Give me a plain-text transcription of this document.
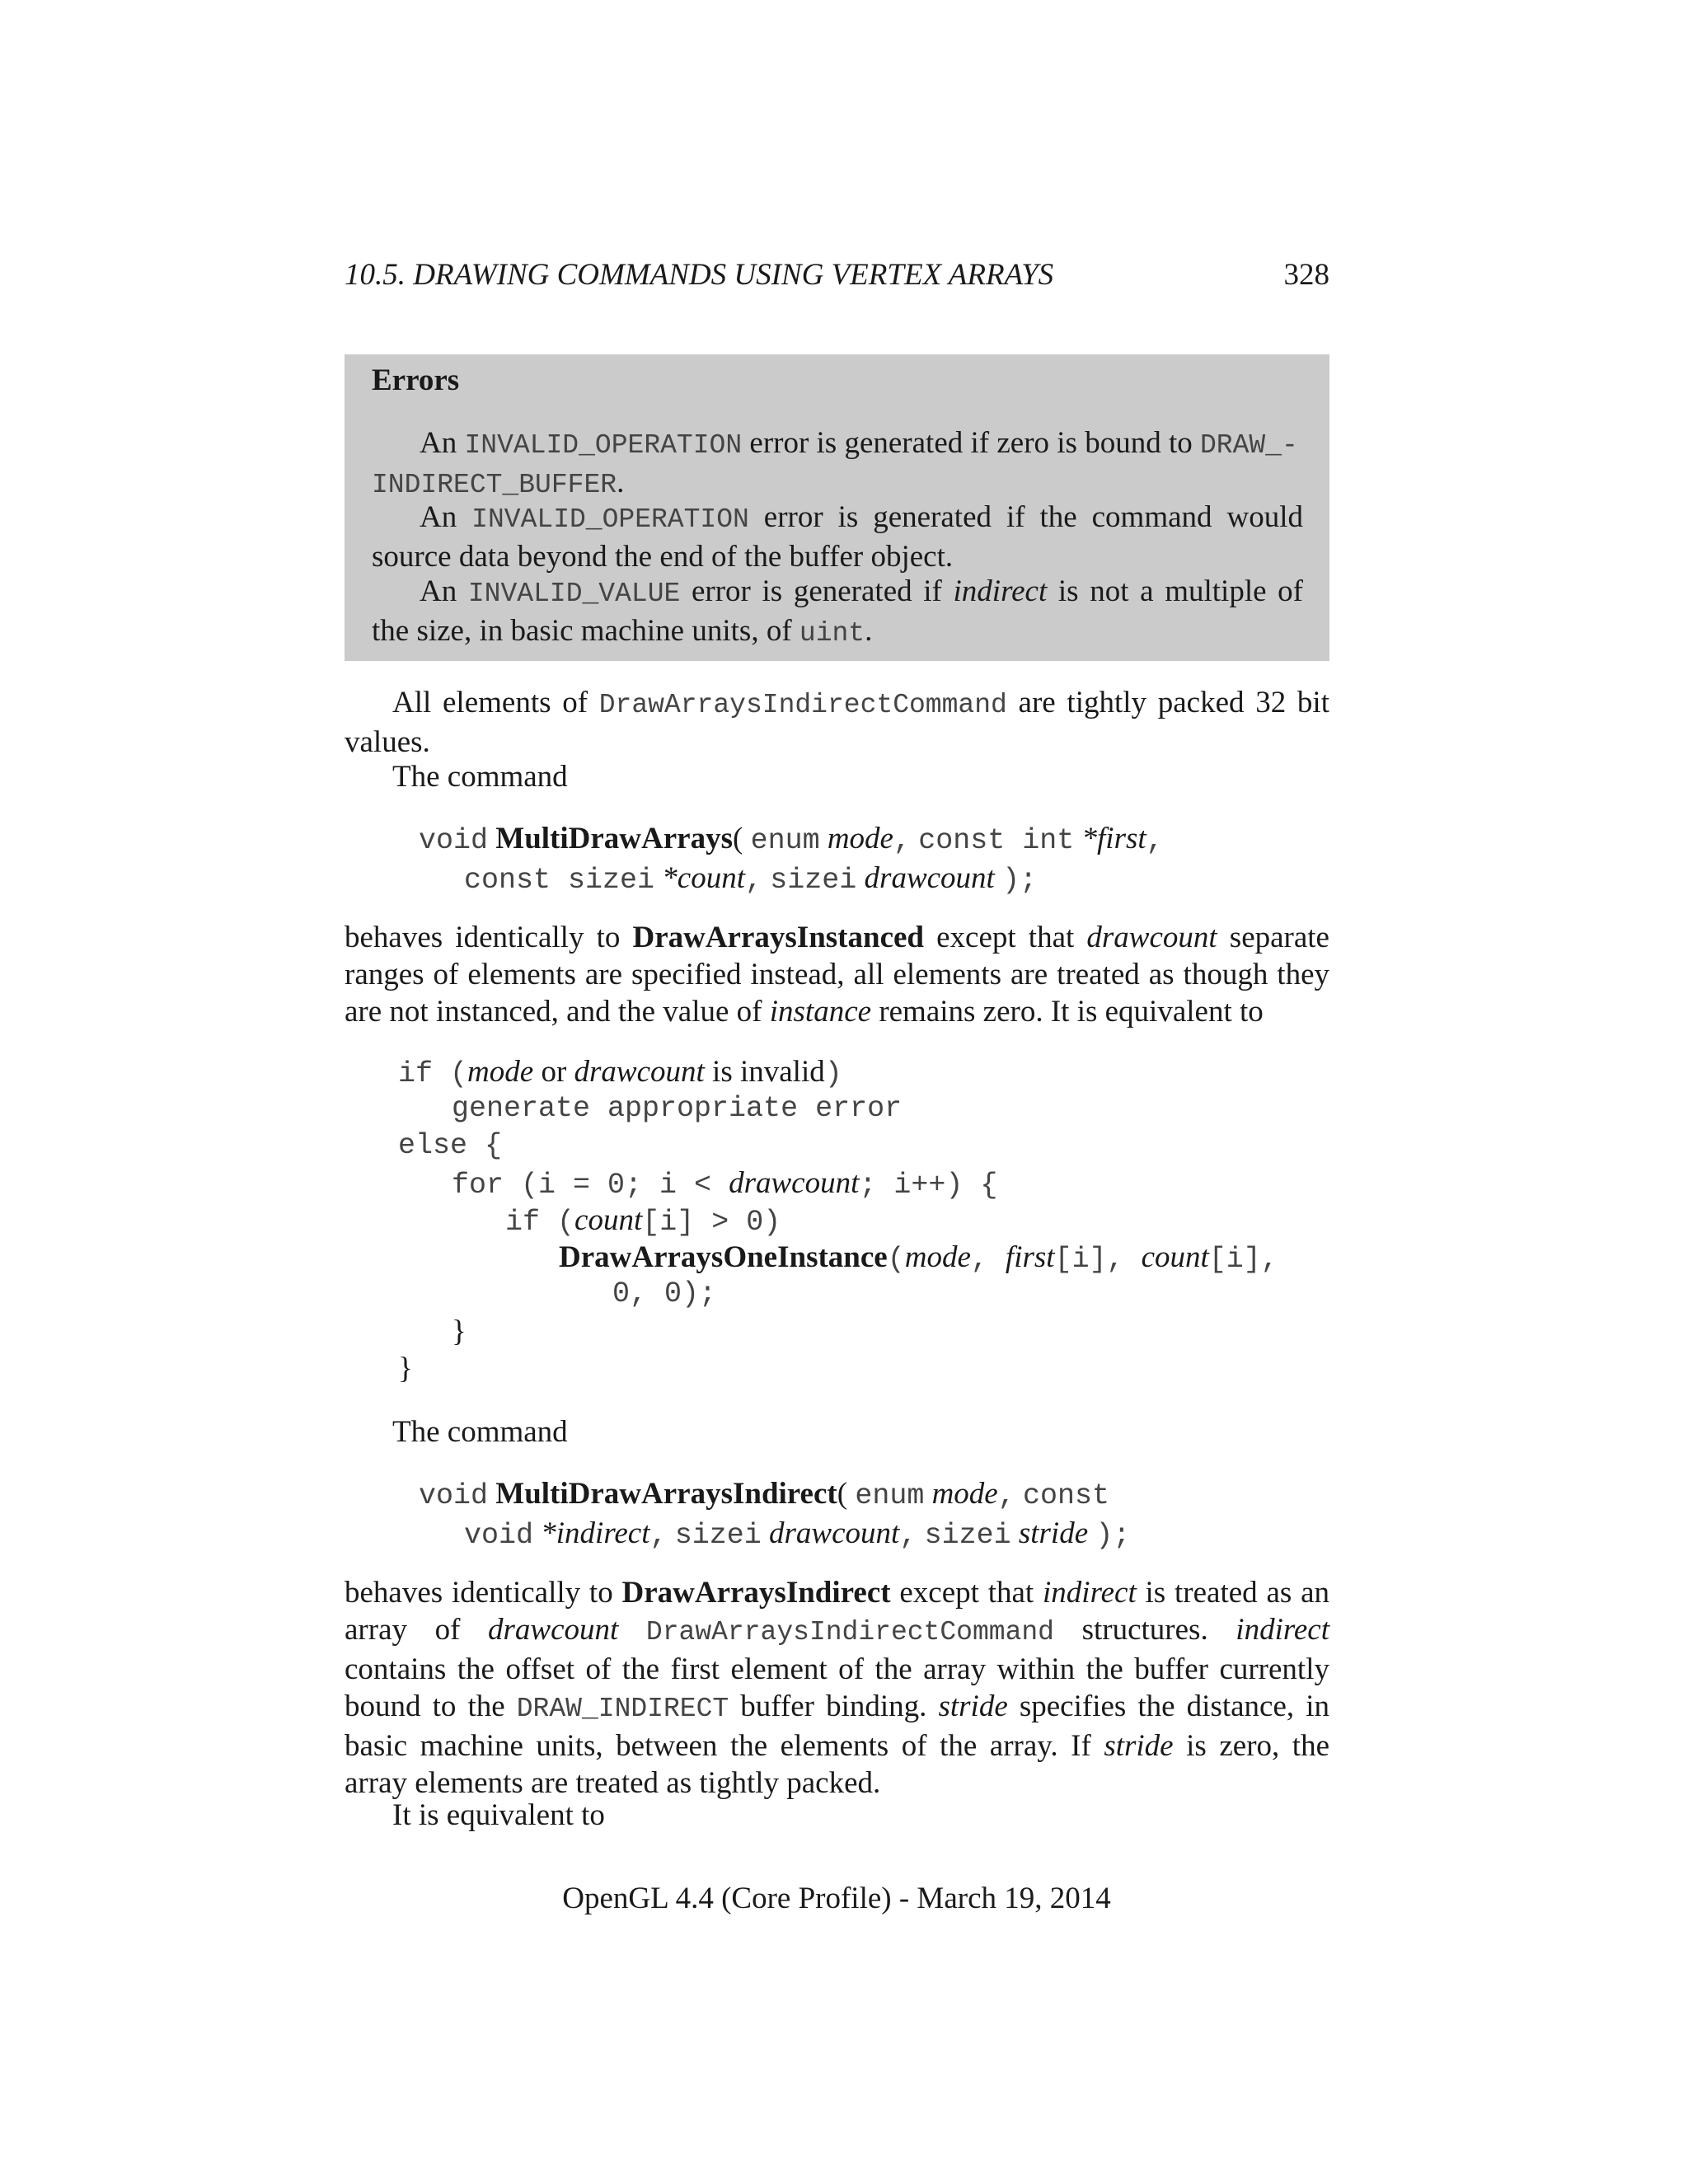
10.5. DRAWING COMMANDS USING VERTEX ARRAYS	328
Errors
An INVALID_OPERATION error is generated if zero is bound to DRAW_-
INDIRECT_BUFFER.
An INVALID_OPERATION error is generated if the command would source data beyond the end of the buffer object.
An INVALID_VALUE error is generated if indirect is not a multiple of the size, in basic machine units, of uint.
All elements of DrawArraysIndirectCommand are tightly packed 32 bit values.
The command
void MultiDrawArrays( enum mode, const int *first,
const sizei *count, sizei drawcount );
behaves identically to DrawArraysInstanced except that drawcount separate ranges of elements are specified instead, all elements are treated as though they are not instanced, and the value of instance remains zero. It is equivalent to
if (mode or drawcount is invalid)
generate appropriate error
else {
for (i = 0; i < drawcount; i++) {
if (count[i] > 0)
DrawArraysOneInstance(mode, first[i], count[i],
0, 0);
}
}
The command
void MultiDrawArraysIndirect( enum mode, const
void *indirect, sizei drawcount, sizei stride );
behaves identically to DrawArraysIndirect except that indirect is treated as an array of drawcount DrawArraysIndirectCommand structures. indirect contains the offset of the first element of the array within the buffer currently bound to the DRAW_INDIRECT buffer binding. stride specifies the distance, in basic machine units, between the elements of the array. If stride is zero, the array elements are treated as tightly packed.
It is equivalent to
OpenGL 4.4 (Core Profile) - March 19, 2014
